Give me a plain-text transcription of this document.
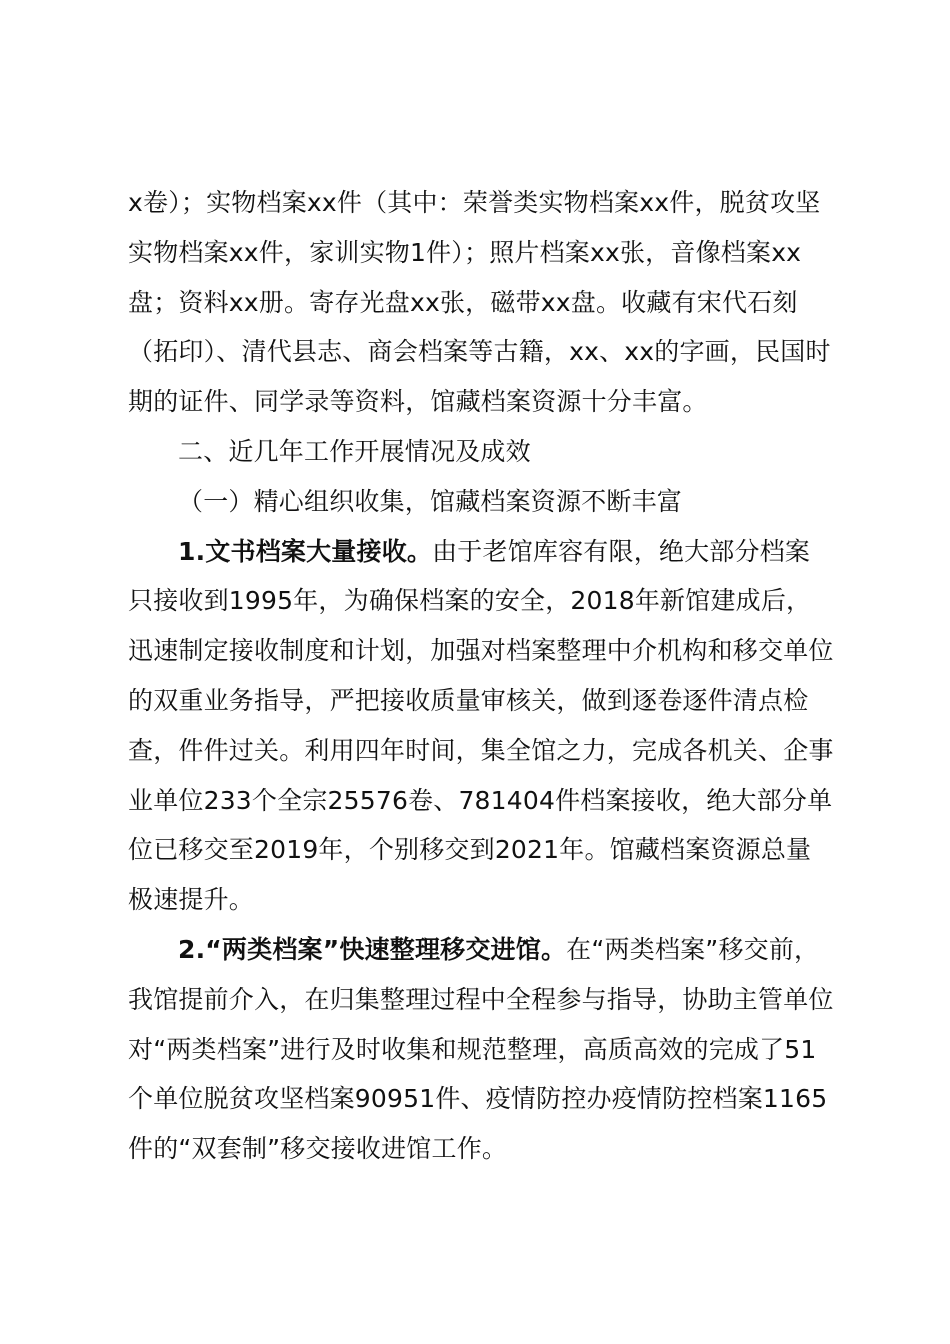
x卷）；实物档案xx件（其中：荣誉类实物档案xx件，脱贫攻坚实物档案xx件，家训实物1件）；照片档案xx张，音像档案xx盘；资料xx册。寄存光盘xx张，磁带xx盘。收藏有宋代石刻（拓印）、清代县志、商会档案等古籍，xx、xx的字画，民国时期的证件、同学录等资料，馆藏档案资源十分丰富。

二、近几年工作开展情况及成效

（一）精心组织收集，馆藏档案资源不断丰富

1.文书档案大量接收。由于老馆库容有限，绝大部分档案只接收到1995年，为确保档案的安全，2018年新馆建成后，迅速制定接收制度和计划，加强对档案整理中介机构和移交单位的双重业务指导，严把接收质量审核关，做到逐卷逐件清点检查，件件过关。利用四年时间，集全馆之力，完成各机关、企事业单位233个全宗25576卷、781404件档案接收，绝大部分单位已移交至2019年，个别移交到2021年。馆藏档案资源总量极速提升。

2.“两类档案”快速整理移交进馆。在“两类档案”移交前，我馆提前介入，在归集整理过程中全程参与指导，协助主管单位对“两类档案”进行及时收集和规范整理，高质高效的完成了51个单位脱贫攻坚档案90951件、疫情防控办疫情防控档案1165件的“双套制”移交接收进馆工作。
